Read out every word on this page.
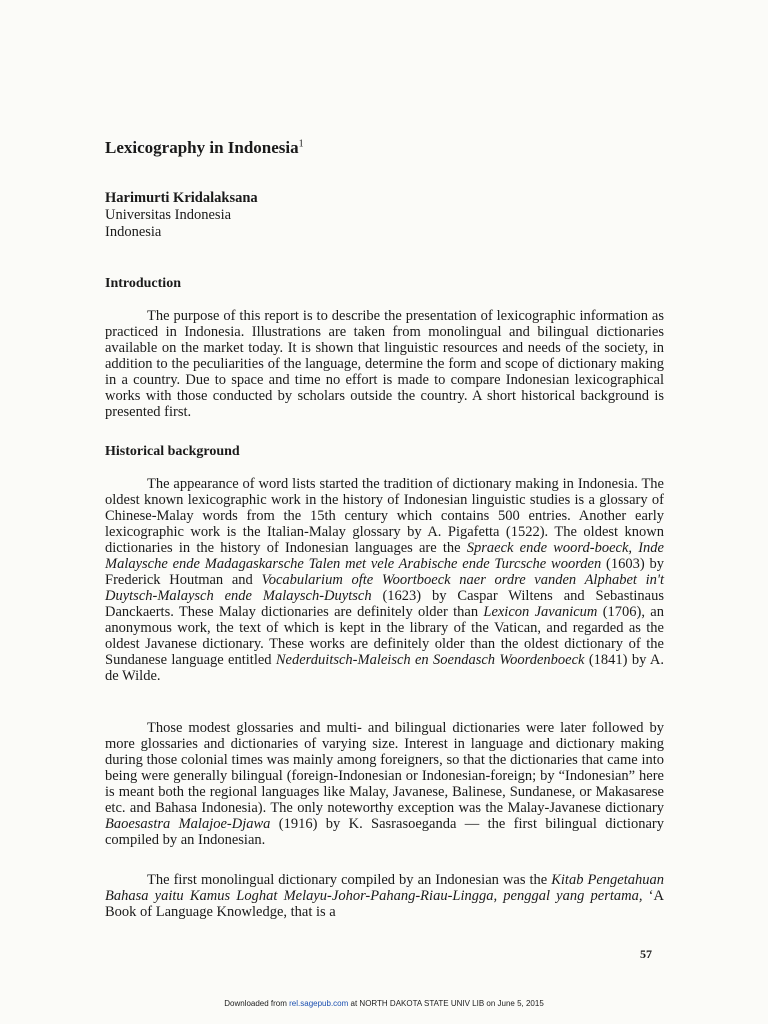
Lexicography in Indonesia$^1$
Harimurti Kridalaksana
Universitas Indonesia
Indonesia
Introduction

The purpose of this report is to describe the presentation of lexicographic information as practiced in Indonesia. Illustrations are taken from monolingual and bilingual dictionaries available on the market today. It is shown that linguistic resources and needs of the society, in addition to the peculiarities of the language, determine the form and scope of dictionary making in a country. Due to space and time no effort is made to compare Indonesian lexicographical works with those conducted by scholars outside the country. A short historical background is presented first.

Historical background

The appearance of word lists started the tradition of dictionary making in Indonesia. The oldest known lexicographic work in the history of Indonesian linguistic studies is a glossary of Chinese-Malay words from the 15th century which contains 500 entries. Another early lexicographic work is the Italian-Malay glossary by A. Pigafetta (1522). The oldest known dictionaries in the history of Indonesian languages are the Spraeck ende woord-boeck, Inde Malaysche ende Madagaskarsche Talen met vele Arabische ende Turcsche woorden (1603) by Frederick Houtman and Vocabularium ofte Woortboeck naer ordre vanden Alphabet in't Duytsch-Malaysch ende Malaysch-Duytsch (1623) by Caspar Wiltens and Sebastinaus Danckaerts. These Malay dictionaries are definitely older than Lexicon Javanicum (1706), an anonymous work, the text of which is kept in the library of the Vatican, and regarded as the oldest Javanese dictionary. These works are definitely older than the oldest dictionary of the Sundanese language entitled Nederduitsch-Maleisch en Soendasch Woordenboeck (1841) by A. de Wilde.

Those modest glossaries and multi- and bilingual dictionaries were later followed by more glossaries and dictionaries of varying size. Interest in language and dictionary making during those colonial times was mainly among foreigners, so that the dictionaries that came into being were generally bilingual (foreign-Indonesian or Indonesian-foreign; by “Indonesian” here is meant both the regional languages like Malay, Javanese, Balinese, Sundanese, or Makasarese etc. and Bahasa Indonesia). The only noteworthy exception was the Malay-Javanese dictionary Baoesastra Malajoe-Djawa (1916) by K. Sasrasoeganda — the first bilingual dictionary compiled by an Indonesian.

The first monolingual dictionary compiled by an Indonesian was the Kitab Pengetahuan Bahasa yaitu Kamus Loghat Melayu-Johor-Pahang-Riau-Lingga, penggal yang pertama, ‘A Book of Language Knowledge, that is a

57
Downloaded from rel.sagepub.com at NORTH DAKOTA STATE UNIV LIB on June 5, 2015
